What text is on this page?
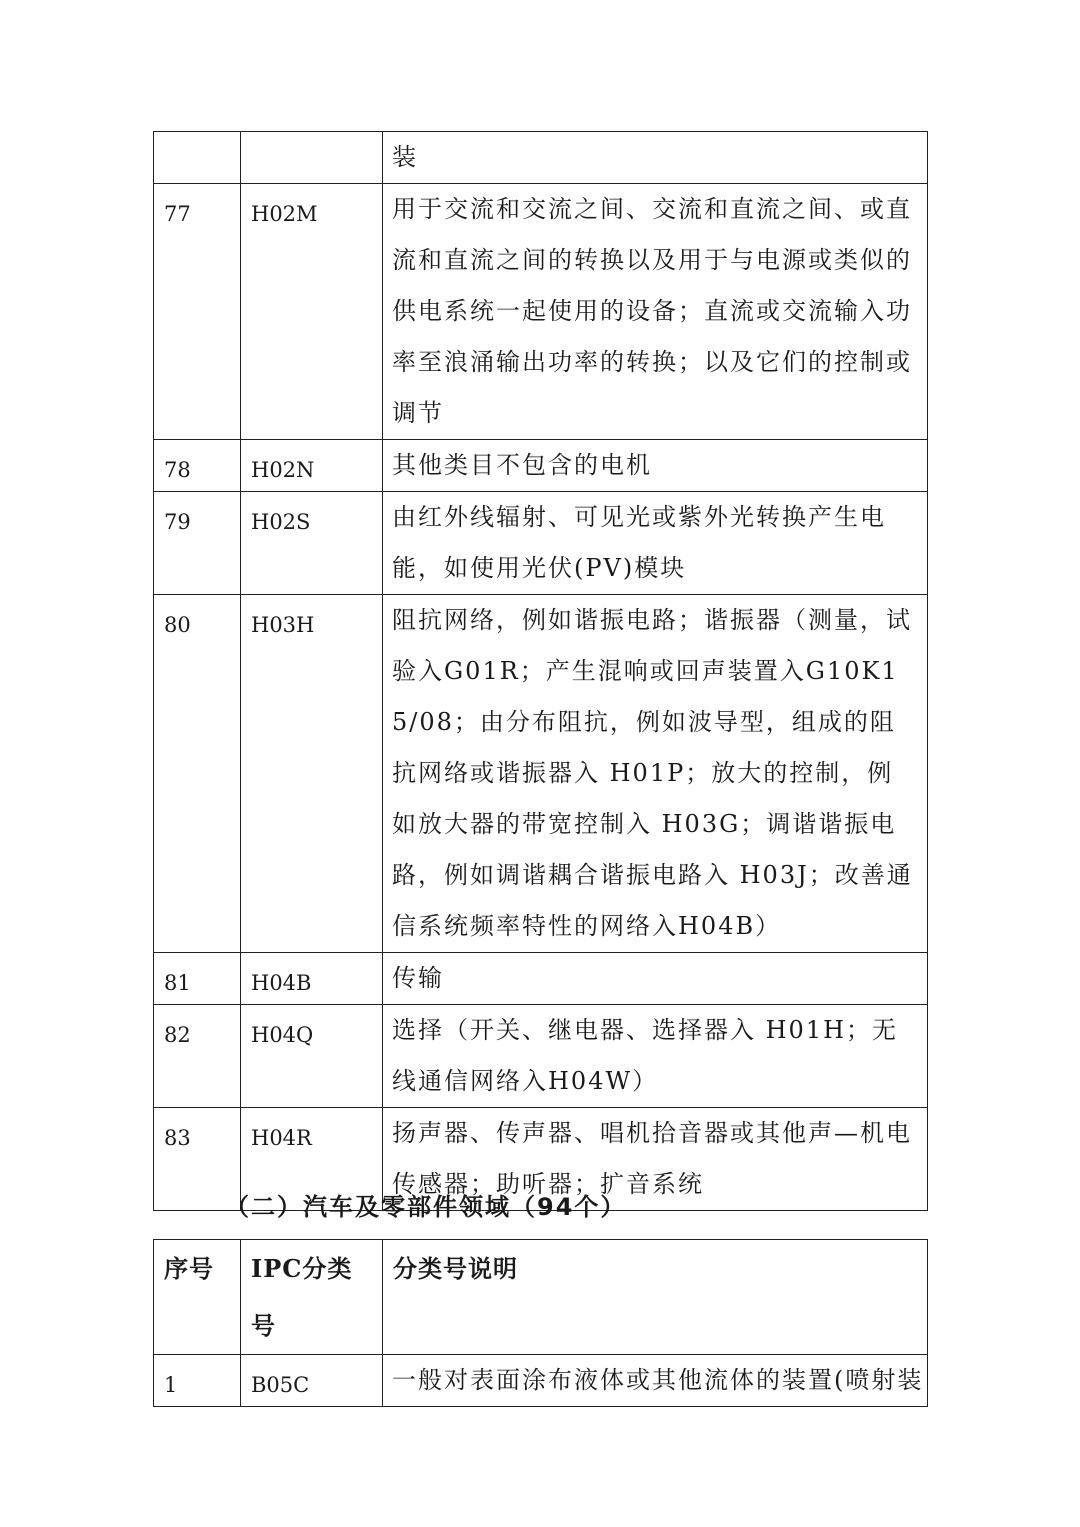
		装
77	H02M	用于交流和交流之间、交流和直流之间、或直流和直流之间的转换以及用于与电源或类似的供电系统一起使用的设备；直流或交流输入功率至浪涌输出功率的转换；以及它们的控制或调节
78	H02N	其他类目不包含的电机
79	H02S	由红外线辐射、可见光或紫外光转换产生电能，如使用光伏(PV)模块
80	H03H	阻抗网络，例如谐振电路；谐振器（测量，试验入G01R；产生混响或回声装置入G10K15/08；由分布阻抗，例如波导型，组成的阻抗网络或谐振器入 H01P；放大的控制，例如放大器的带宽控制入 H03G；调谐谐振电路，例如调谐耦合谐振电路入 H03J；改善通信系统频率特性的网络入H04B）
81	H04B	传输
82	H04Q	选择（开关、继电器、选择器入 H01H；无线通信网络入H04W）
83	H04R	扬声器、传声器、唱机拾音器或其他声—机电传感器；助听器；扩音系统
（二）汽车及零部件领域（94个）
序号	IPC分类号	分类号说明
1	B05C	一般对表面涂布液体或其他流体的装置(喷射装
